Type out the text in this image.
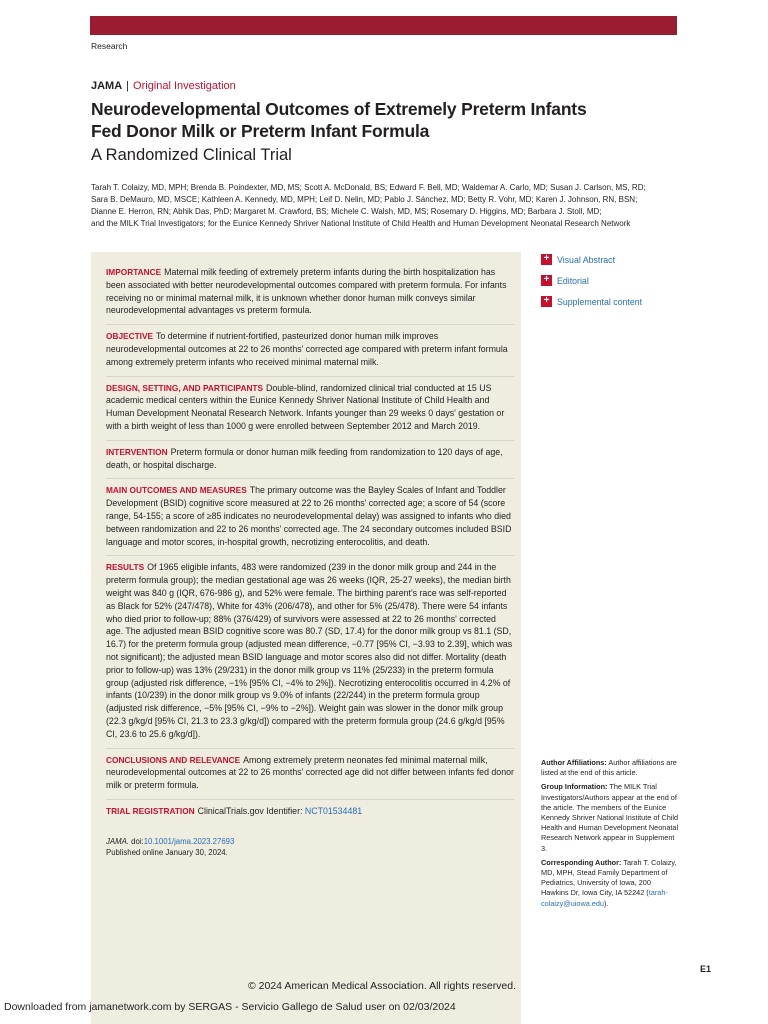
Research
JAMA | Original Investigation
Neurodevelopmental Outcomes of Extremely Preterm Infants
Fed Donor Milk or Preterm Infant Formula
A Randomized Clinical Trial
Tarah T. Colaizy, MD, MPH; Brenda B. Poindexter, MD, MS; Scott A. McDonald, BS; Edward F. Bell, MD; Waldemar A. Carlo, MD; Susan J. Carlson, MS, RD;
Sara B. DeMauro, MD, MSCE; Kathleen A. Kennedy, MD, MPH; Leif D. Nelin, MD; Pablo J. Sánchez, MD; Betty R. Vohr, MD; Karen J. Johnson, RN, BSN;
Dianne E. Herron, RN; Abhik Das, PhD; Margaret M. Crawford, BS; Michele C. Walsh, MD, MS; Rosemary D. Higgins, MD; Barbara J. Stoll, MD;
and the MILK Trial Investigators; for the Eunice Kennedy Shriver National Institute of Child Health and Human Development Neonatal Research Network

IMPORTANCE Maternal milk feeding of extremely preterm infants during the birth hospitalization has been associated with better neurodevelopmental outcomes compared with preterm formula. For infants receiving no or minimal maternal milk, it is unknown whether donor human milk conveys similar neurodevelopmental advantages vs preterm formula.

OBJECTIVE To determine if nutrient-fortified, pasteurized donor human milk improves neurodevelopmental outcomes at 22 to 26 months' corrected age compared with preterm infant formula among extremely preterm infants who received minimal maternal milk.

DESIGN, SETTING, AND PARTICIPANTS Double-blind, randomized clinical trial conducted at 15 US academic medical centers within the Eunice Kennedy Shriver National Institute of Child Health and Human Development Neonatal Research Network. Infants younger than 29 weeks 0 days' gestation or with a birth weight of less than 1000 g were enrolled between September 2012 and March 2019.

INTERVENTION Preterm formula or donor human milk feeding from randomization to 120 days of age, death, or hospital discharge.

MAIN OUTCOMES AND MEASURES The primary outcome was the Bayley Scales of Infant and Toddler Development (BSID) cognitive score measured at 22 to 26 months' corrected age; a score of 54 (score range, 54-155; a score of ≥85 indicates no neurodevelopmental delay) was assigned to infants who died between randomization and 22 to 26 months' corrected age. The 24 secondary outcomes included BSID language and motor scores, in-hospital growth, necrotizing enterocolitis, and death.

RESULTS Of 1965 eligible infants, 483 were randomized (239 in the donor milk group and 244 in the preterm formula group); the median gestational age was 26 weeks (IQR, 25-27 weeks), the median birth weight was 840 g (IQR, 676-986 g), and 52% were female. The birthing parent's race was self-reported as Black for 52% (247/478), White for 43% (206/478), and other for 5% (25/478). There were 54 infants who died prior to follow-up; 88% (376/429) of survivors were assessed at 22 to 26 months' corrected age. The adjusted mean BSID cognitive score was 80.7 (SD, 17.4) for the donor milk group vs 81.1 (SD, 16.7) for the preterm formula group (adjusted mean difference, −0.77 [95% CI, −3.93 to 2.39], which was not significant); the adjusted mean BSID language and motor scores also did not differ. Mortality (death prior to follow-up) was 13% (29/231) in the donor milk group vs 11% (25/233) in the preterm formula group (adjusted risk difference, −1% [95% CI, −4% to 2%]). Necrotizing enterocolitis occurred in 4.2% of infants (10/239) in the donor milk group vs 9.0% of infants (22/244) in the preterm formula group (adjusted risk difference, −5% [95% CI, −9% to −2%]). Weight gain was slower in the donor milk group (22.3 g/kg/d [95% CI, 21.3 to 23.3 g/kg/d]) compared with the preterm formula group (24.6 g/kg/d [95% CI, 23.6 to 25.6 g/kg/d]).

CONCLUSIONS AND RELEVANCE Among extremely preterm neonates fed minimal maternal milk, neurodevelopmental outcomes at 22 to 26 months' corrected age did not differ between infants fed donor milk or preterm formula.

TRIAL REGISTRATION ClinicalTrials.gov Identifier: NCT01534481

JAMA. doi:10.1001/jama.2023.27693
Published online January 30, 2024.

+ Visual Abstract
+ Editorial
+ Supplemental content

Author Affiliations: Author affiliations are listed at the end of this article.

Group Information: The MILK Trial Investigators/Authors appear at the end of the article. The members of the Eunice Kennedy Shriver National Institute of Child Health and Human Development Neonatal Research Network appear in Supplement 3.

Corresponding Author: Tarah T. Colaizy, MD, MPH, Stead Family Department of Pediatrics, University of Iowa, 200 Hawkins Dr, Iowa City, IA 52242 (tarah-colaizy@uiowa.edu).

E1
© 2024 American Medical Association. All rights reserved.
Downloaded from jamanetwork.com by SERGAS - Servicio Gallego de Salud user on 02/03/2024
